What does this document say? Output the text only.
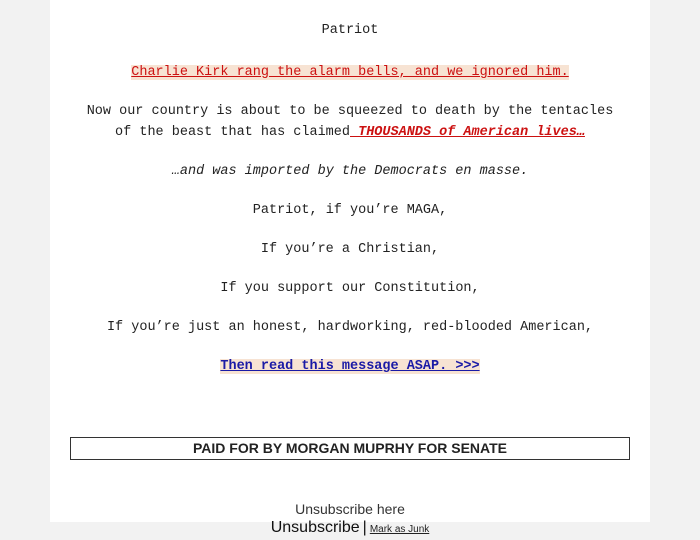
Patriot
Charlie Kirk rang the alarm bells, and we ignored him.
Now our country is about to be squeezed to death by the tentacles
of the beast that has claimed THOUSANDS of American lives…
…and was imported by the Democrats en masse.
Patriot, if you’re MAGA,
If you’re a Christian,
If you support our Constitution,
If you’re just an honest, hardworking, red-blooded American,
Then read this message ASAP. >>>
PAID FOR BY MORGAN MUPRHY FOR SENATE
Unsubscribe here
Unsubscribe | Mark as Junk
